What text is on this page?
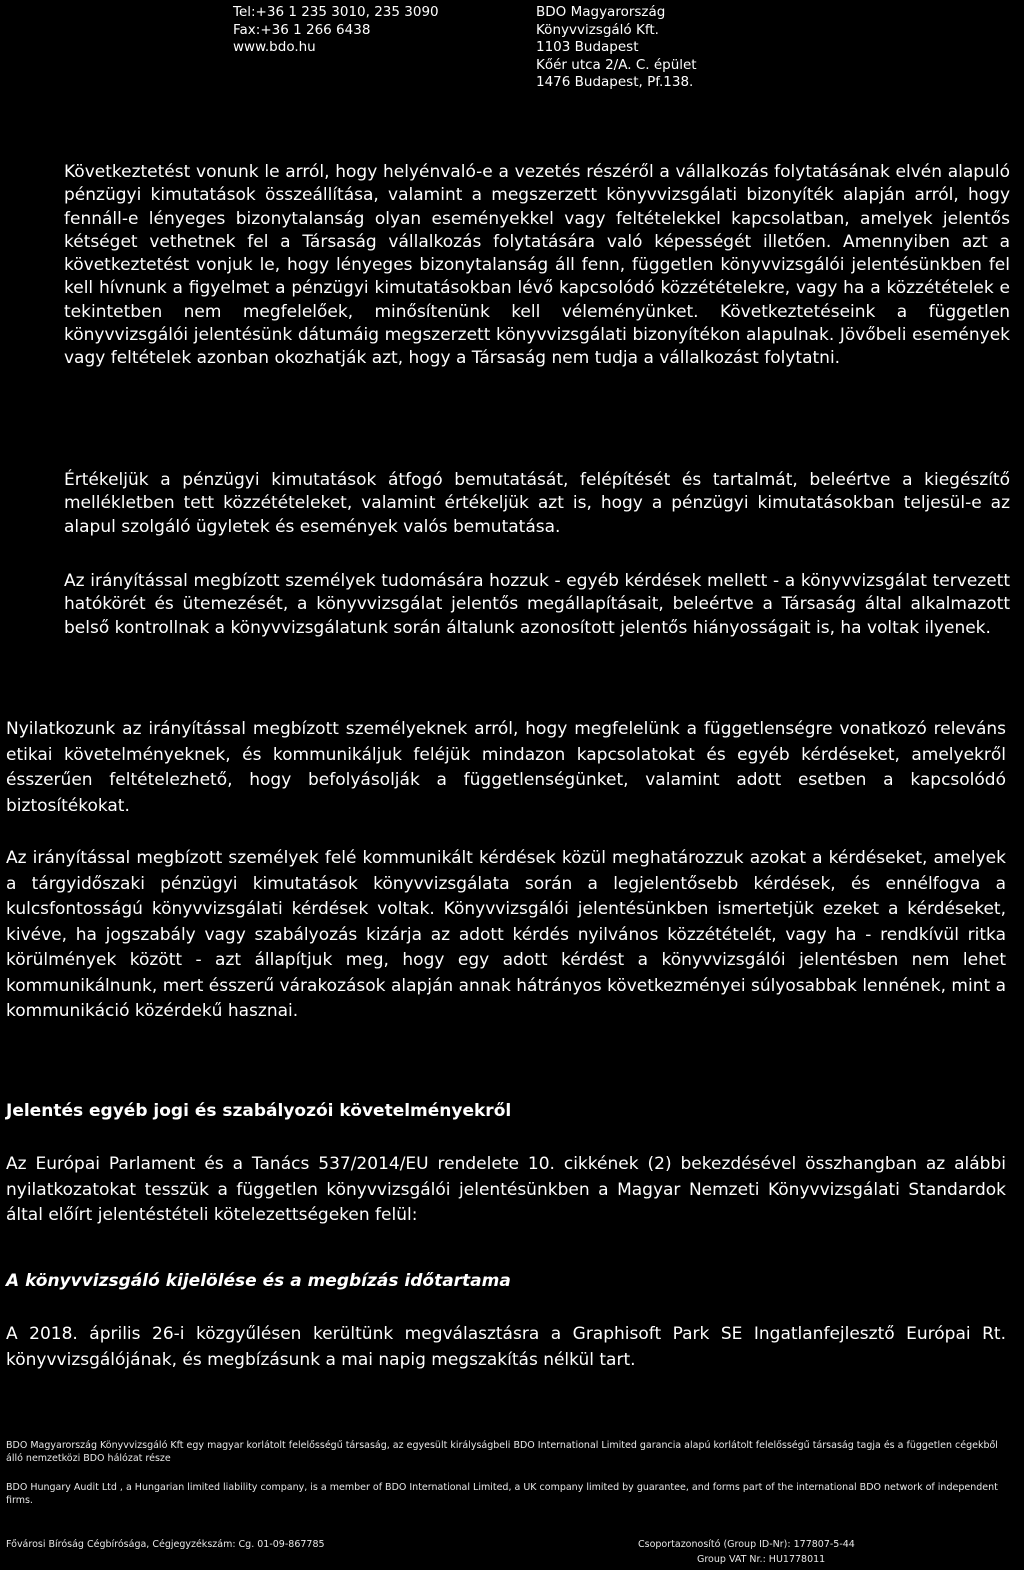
Tel:+36 1 235 3010, 235 3090
Fax:+36 1 266 6438
www.bdo.hu
BDO Magyarország
Könyvvizsgáló Kft.
1103 Budapest
Kőér utca 2/A. C. épület
1476 Budapest, Pf.138.

Következtetést vonunk le arról, hogy helyénvaló-e a vezetés részéről a vállalkozás folytatásának elvén alapuló pénzügyi kimutatások összeállítása, valamint a megszerzett könyvvizsgálati bizonyíték alapján arról, hogy fennáll-e lényeges bizonytalanság olyan eseményekkel vagy feltételekkel kapcsolatban, amelyek jelentős kétséget vethetnek fel a Társaság vállalkozás folytatására való képességét illetően. Amennyiben azt a következtetést vonjuk le, hogy lényeges bizonytalanság áll fenn, független könyvvizsgálói jelentésünkben fel kell hívnunk a figyelmet a pénzügyi kimutatásokban lévő kapcsolódó közzétételekre, vagy ha a közzétételek e tekintetben nem megfelelőek, minősítenünk kell véleményünket. Következtetéseink a független könyvvizsgálói jelentésünk dátumáig megszerzett könyvvizsgálati bizonyítékon alapulnak. Jövőbeli események vagy feltételek azonban okozhatják azt, hogy a Társaság nem tudja a vállalkozást folytatni.

Értékeljük a pénzügyi kimutatások átfogó bemutatását, felépítését és tartalmát, beleértve a kiegészítő mellékletben tett közzétételeket, valamint értékeljük azt is, hogy a pénzügyi kimutatásokban teljesül-e az alapul szolgáló ügyletek és események valós bemutatása.

Az irányítással megbízott személyek tudomására hozzuk - egyéb kérdések mellett - a könyvvizsgálat tervezett hatókörét és ütemezését, a könyvvizsgálat jelentős megállapításait, beleértve a Társaság által alkalmazott belső kontrollnak a könyvvizsgálatunk során általunk azonosított jelentős hiányosságait is, ha voltak ilyenek.

Nyilatkozunk az irányítással megbízott személyeknek arról, hogy megfelelünk a függetlenségre vonatkozó releváns etikai követelményeknek, és kommunikáljuk feléjük mindazon kapcsolatokat és egyéb kérdéseket, amelyekről ésszerűen feltételezhető, hogy befolyásolják a függetlenségünket, valamint adott esetben a kapcsolódó biztosítékokat.

Az irányítással megbízott személyek felé kommunikált kérdések közül meghatározzuk azokat a kérdéseket, amelyek a tárgyidőszaki pénzügyi kimutatások könyvvizsgálata során a legjelentősebb kérdések, és ennélfogva a kulcsfontosságú könyvvizsgálati kérdések voltak. Könyvvizsgálói jelentésünkben ismertetjük ezeket a kérdéseket, kivéve, ha jogszabály vagy szabályozás kizárja az adott kérdés nyilvános közzétételét, vagy ha - rendkívül ritka körülmények között - azt állapítjuk meg, hogy egy adott kérdést a könyvvizsgálói jelentésben nem lehet kommunikálnunk, mert ésszerű várakozások alapján annak hátrányos következményei súlyosabbak lennének, mint a kommunikáció közérdekű hasznai.

Jelentés egyéb jogi és szabályozói követelményekről

Az Európai Parlament és a Tanács 537/2014/EU rendelete 10. cikkének (2) bekezdésével összhangban az alábbi nyilatkozatokat tesszük a független könyvvizsgálói jelentésünkben a Magyar Nemzeti Könyvvizsgálati Standardok által előírt jelentéstételi kötelezettségeken felül:

A könyvvizsgáló kijelölése és a megbízás időtartama

A 2018. április 26-i közgyűlésen kerültünk megválasztásra a Graphisoft Park SE Ingatlanfejlesztő Európai Rt. könyvvizsgálójának, és megbízásunk a mai napig megszakítás nélkül tart.

BDO Magyarország Könyvvizsgáló Kft egy magyar korlátolt felelősségű társaság, az egyesült királyságbeli BDO International Limited garancia alapú korlátolt felelősségű társaság tagja és a független cégekből álló nemzetközi BDO hálózat része
BDO Hungary Audit Ltd , a Hungarian limited liability company, is a member of BDO International Limited, a UK company limited by guarantee, and forms part of the international BDO network of independent firms.
Fővárosi Bíróság Cégbírósága, Cégjegyzékszám: Cg. 01-09-867785	Csoportazonosító (Group ID-Nr): 177807-5-44
Group VAT Nr.: HU1778011
